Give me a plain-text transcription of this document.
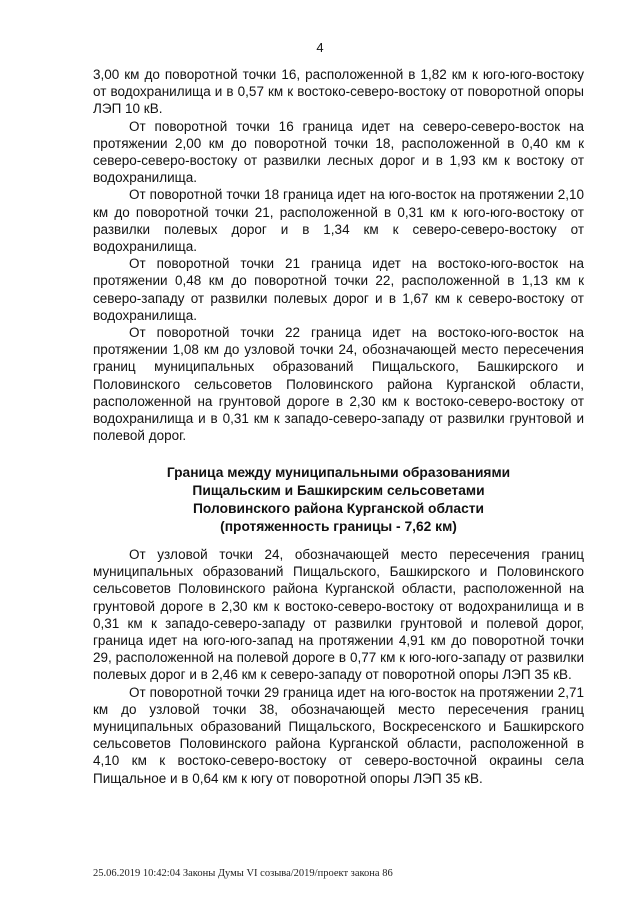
4

3,00 км до поворотной точки 16, расположенной в 1,82 км к юго-юго-востоку от водохранилища и в 0,57 км к востоко-северо-востоку от поворотной опоры ЛЭП 10 кВ.

От поворотной точки 16 граница идет на северо-северо-восток на протяжении 2,00 км до поворотной точки 18, расположенной в 0,40 км к северо-северо-востоку от развилки лесных дорог и в 1,93 км к востоку от водохранилища.

От поворотной точки 18 граница идет на юго-восток на протяжении 2,10 км до поворотной точки 21, расположенной в 0,31 км к юго-юго-востоку от развилки полевых дорог и в 1,34 км к северо-северо-востоку от водохранилища.

От поворотной точки 21 граница идет на востоко-юго-восток на протяжении 0,48 км до поворотной точки 22, расположенной в 1,13 км к северо-западу от развилки полевых дорог и в 1,67 км к северо-востоку от водохранилища.

От поворотной точки 22 граница идет на востоко-юго-восток на протяжении 1,08 км до узловой точки 24, обозначающей место пересечения границ муниципальных образований Пищальского, Башкирского и Половинского сельсоветов Половинского района Курганской области, расположенной на грунтовой дороге в 2,30 км к востоко-северо-востоку от водохранилища и в 0,31 км к западо-северо-западу от развилки грунтовой и полевой дорог.

Граница между муниципальными образованиями
Пищальским и Башкирским сельсоветами
Половинского района Курганской области
(протяженность границы - 7,62 км)

От узловой точки 24, обозначающей место пересечения границ муниципальных образований Пищальского, Башкирского и Половинского сельсоветов Половинского района Курганской области, расположенной на грунтовой дороге в 2,30 км к востоко-северо-востоку от водохранилища и в 0,31 км к западо-северо-западу от развилки грунтовой и полевой дорог, граница идет на юго-юго-запад на протяжении 4,91 км до поворотной точки 29, расположенной на полевой дороге в 0,77 км к юго-юго-западу от развилки полевых дорог и в 2,46 км к северо-западу от поворотной опоры ЛЭП 35 кВ.

От поворотной точки 29 граница идет на юго-восток на протяжении 2,71 км до узловой точки 38, обозначающей место пересечения границ муниципальных образований Пищальского, Воскресенского и Башкирского сельсоветов Половинского района Курганской области, расположенной в 4,10 км к востоко-северо-востоку от северо-восточной окраины села Пищальное и в 0,64 км к югу от поворотной опоры ЛЭП 35 кВ.

25.06.2019 10:42:04 Законы Думы VI созыва/2019/проект закона 86
